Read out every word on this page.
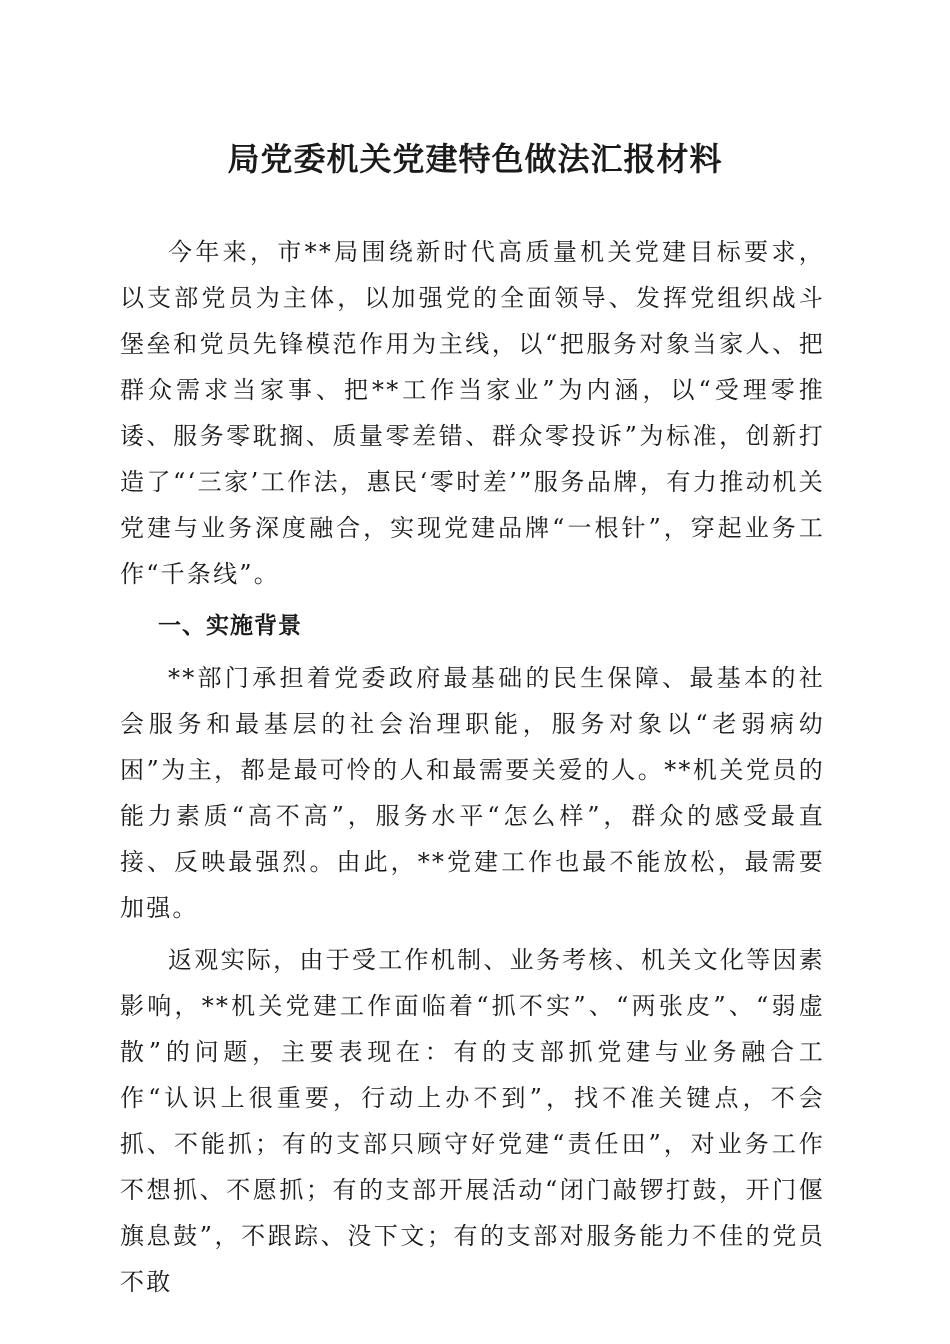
局党委机关党建特色做法汇报材料

今年来，市**局围绕新时代高质量机关党建目标要求，以支部党员为主体，以加强党的全面领导、发挥党组织战斗堡垒和党员先锋模范作用为主线，以“把服务对象当家人、把群众需求当家事、把**工作当家业”为内涵，以“受理零推诿、服务零耽搁、质量零差错、群众零投诉”为标准，创新打造了“‘三家’工作法，惠民‘零时差’”服务品牌，有力推动机关党建与业务深度融合，实现党建品牌“一根针”，穿起业务工作“千条线”。

一、实施背景

**部门承担着党委政府最基础的民生保障、最基本的社会服务和最基层的社会治理职能，服务对象以“老弱病幼困”为主，都是最可怜的人和最需要关爱的人。**机关党员的能力素质“高不高”，服务水平“怎么样”，群众的感受最直接、反映最强烈。由此，**党建工作也最不能放松，最需要加强。

返观实际，由于受工作机制、业务考核、机关文化等因素影响，**机关党建工作面临着“抓不实”、“两张皮”、“弱虚散”的问题，主要表现在：有的支部抓党建与业务融合工作“认识上很重要，行动上办不到”，找不准关键点，不会抓、不能抓；有的支部只顾守好党建“责任田”，对业务工作不想抓、不愿抓；有的支部开展活动“闭门敲锣打鼓，开门偃旗息鼓”，不跟踪、没下文；有的支部对服务能力不佳的党员不敢
